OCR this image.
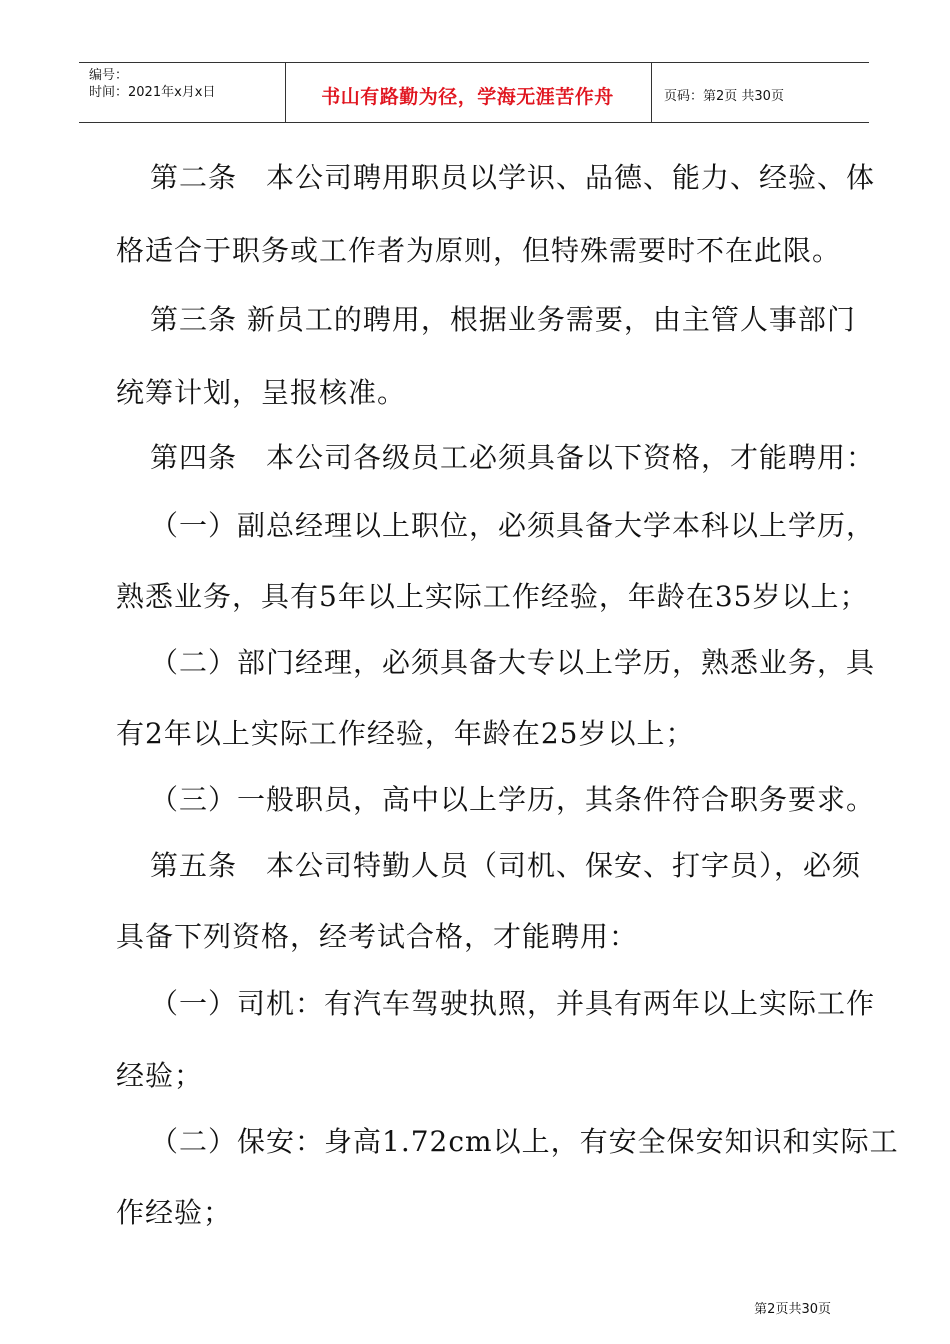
编号：
时间：2021年x月x日	书山有路勤为径，学海无涯苦作舟	页码：第2页 共30页
第二条　本公司聘用职员以学识、品德、能力、经验、体
格适合于职务或工作者为原则，但特殊需要时不在此限。
第三条 新员工的聘用，根据业务需要，由主管人事部门
统筹计划，呈报核准。
第四条　本公司各级员工必须具备以下资格，才能聘用：
（一）副总经理以上职位，必须具备大学本科以上学历，
熟悉业务，具有5年以上实际工作经验，年龄在35岁以上；
（二）部门经理，必须具备大专以上学历，熟悉业务，具
有2年以上实际工作经验，年龄在25岁以上；
（三）一般职员，高中以上学历，其条件符合职务要求。
第五条　本公司特勤人员（司机、保安、打字员），必须
具备下列资格，经考试合格，才能聘用：
（一）司机：有汽车驾驶执照，并具有两年以上实际工作
经验；
（二）保安：身高1.72cm以上，有安全保安知识和实际工
作经验；
第2页共30页
